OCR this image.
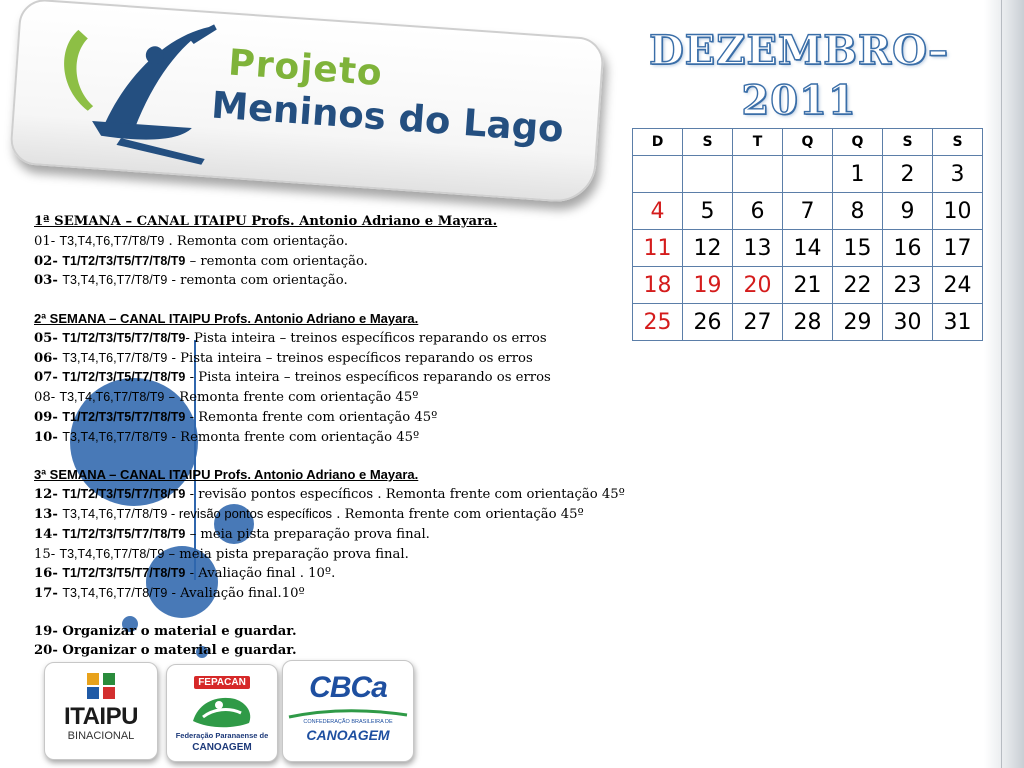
Projeto
Meninos do Lago
DEZEMBRO–
2011
D	S	T	Q	Q	S	S
				1	2	3
4	5	6	7	8	9	10
11	12	13	14	15	16	17
18	19	20	21	22	23	24
25	26	27	28	29	30	31
1ª SEMANA – CANAL ITAIPU Profs. Antonio Adriano e Mayara.
01- T3,T4,T6,T7/T8/T9 . Remonta com orientação.
02- T1/T2/T3/T5/T7/T8/T9 – remonta com orientação.
03- T3,T4,T6,T7/T8/T9 - remonta com orientação.
2ª SEMANA – CANAL ITAIPU Profs. Antonio Adriano e Mayara.
05- T1/T2/T3/T5/T7/T8/T9- Pista inteira – treinos específicos reparando os erros
06- T3,T4,T6,T7/T8/T9 - Pista inteira – treinos específicos reparando os erros
07- T1/T2/T3/T5/T7/T8/T9 - Pista inteira – treinos específicos reparando os erros
08- T3,T4,T6,T7/T8/T9 – Remonta frente com orientação 45º
09- T1/T2/T3/T5/T7/T8/T9 - Remonta frente com orientação 45º
10- T3,T4,T6,T7/T8/T9 - Remonta frente com orientação 45º
3ª SEMANA – CANAL ITAIPU Profs. Antonio Adriano e Mayara.
12- T1/T2/T3/T5/T7/T8/T9 - revisão pontos específicos . Remonta frente com orientação 45º
13- T3,T4,T6,T7/T8/T9 - revisão pontos específicos . Remonta frente com orientação 45º
14- T1/T2/T3/T5/T7/T8/T9 – meia pista preparação prova final.
15- T3,T4,T6,T7/T8/T9 – meia pista preparação prova final.
16- T1/T2/T3/T5/T7/T8/T9 - Avaliação final . 10º.
17- T3,T4,T6,T7/T8/T9 - Avaliação final.10º
19- Organizar o material e guardar.
20- Organizar o material e guardar.
ITAIPU
BINACIONAL
FEPACAN
Federação Paranaense de
CANOAGEM
CBCa
CONFEDERAÇÃO BRASILEIRA DE
CANOAGEM
